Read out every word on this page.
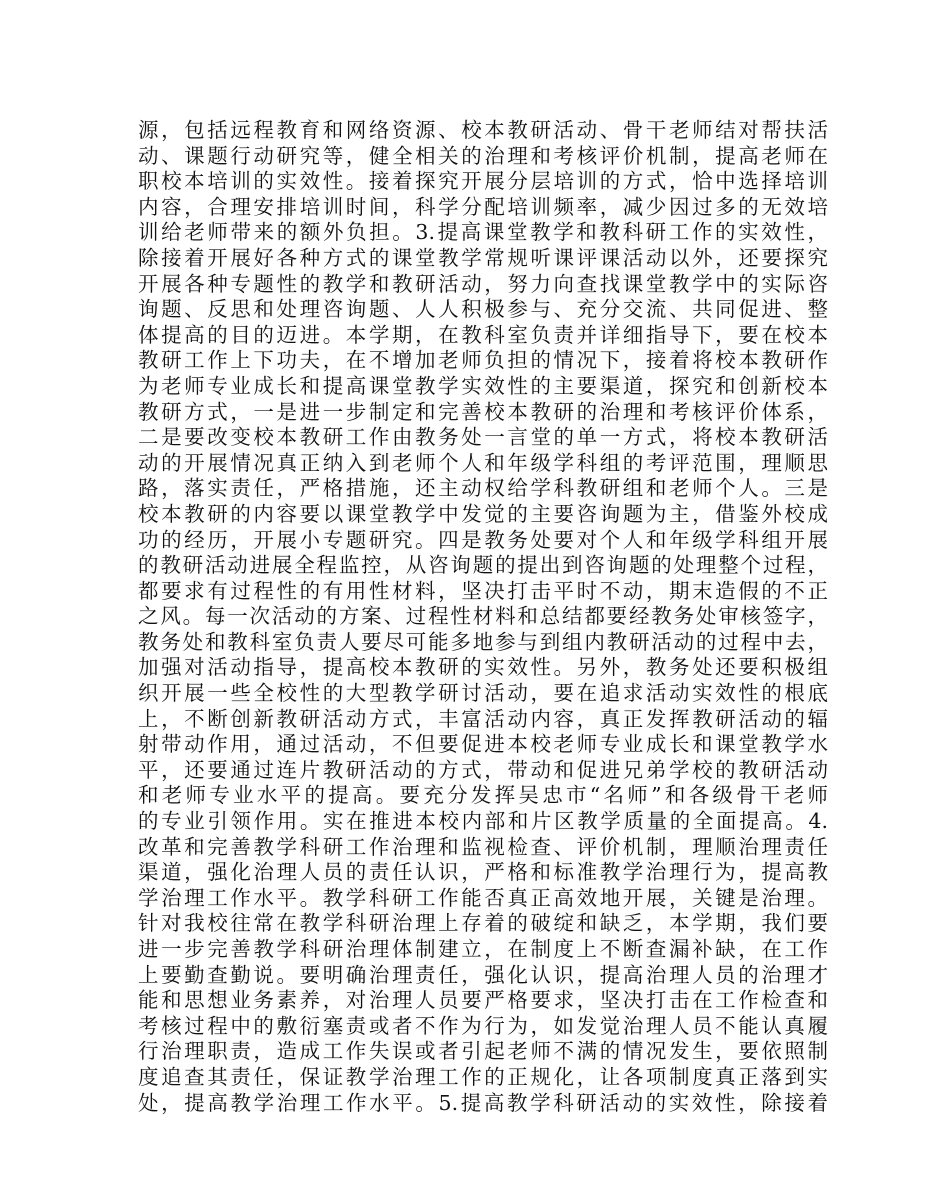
源，包括远程教育和网络资源、校本教研活动、骨干老师结对帮扶活
动、课题行动研究等，健全相关的治理和考核评价机制，提高老师在
职校本培训的实效性。接着探究开展分层培训的方式，恰中选择培训
内容，合理安排培训时间，科学分配培训频率，减少因过多的无效培
训给老师带来的额外负担。3.提高课堂教学和教科研工作的实效性，
除接着开展好各种方式的课堂教学常规听课评课活动以外，还要探究
开展各种专题性的教学和教研活动，努力向查找课堂教学中的实际咨
询题、反思和处理咨询题、人人积极参与、充分交流、共同促进、整
体提高的目的迈进。本学期，在教科室负责并详细指导下，要在校本
教研工作上下功夫，在不增加老师负担的情况下，接着将校本教研作
为老师专业成长和提高课堂教学实效性的主要渠道，探究和创新校本
教研方式，一是进一步制定和完善校本教研的治理和考核评价体系，
二是要改变校本教研工作由教务处一言堂的单一方式，将校本教研活
动的开展情况真正纳入到老师个人和年级学科组的考评范围，理顺思
路，落实责任，严格措施，还主动权给学科教研组和老师个人。三是
校本教研的内容要以课堂教学中发觉的主要咨询题为主，借鉴外校成
功的经历，开展小专题研究。四是教务处要对个人和年级学科组开展
的教研活动进展全程监控，从咨询题的提出到咨询题的处理整个过程，
都要求有过程性的有用性材料，坚决打击平时不动，期末造假的不正
之风。每一次活动的方案、过程性材料和总结都要经教务处审核签字，
教务处和教科室负责人要尽可能多地参与到组内教研活动的过程中去，
加强对活动指导，提高校本教研的实效性。另外，教务处还要积极组
织开展一些全校性的大型教学研讨活动，要在追求活动实效性的根底
上，不断创新教研活动方式，丰富活动内容，真正发挥教研活动的辐
射带动作用，通过活动，不但要促进本校老师专业成长和课堂教学水
平，还要通过连片教研活动的方式，带动和促进兄弟学校的教研活动
和老师专业水平的提高。要充分发挥吴忠市“名师”和各级骨干老师
的专业引领作用。实在推进本校内部和片区教学质量的全面提高。4.
改革和完善教学科研工作治理和监视检查、评价机制，理顺治理责任
渠道，强化治理人员的责任认识，严格和标准教学治理行为，提高教
学治理工作水平。教学科研工作能否真正高效地开展，关键是治理。
针对我校往常在教学科研治理上存着的破绽和缺乏，本学期，我们要
进一步完善教学科研治理体制建立，在制度上不断查漏补缺，在工作
上要勤查勤说。要明确治理责任，强化认识，提高治理人员的治理才
能和思想业务素养，对治理人员要严格要求，坚决打击在工作检查和
考核过程中的敷衍塞责或者不作为行为，如发觉治理人员不能认真履
行治理职责，造成工作失误或者引起老师不满的情况发生，要依照制
度追查其责任，保证教学治理工作的正规化，让各项制度真正落到实
处，提高教学治理工作水平。5.提高教学科研活动的实效性，除接着
